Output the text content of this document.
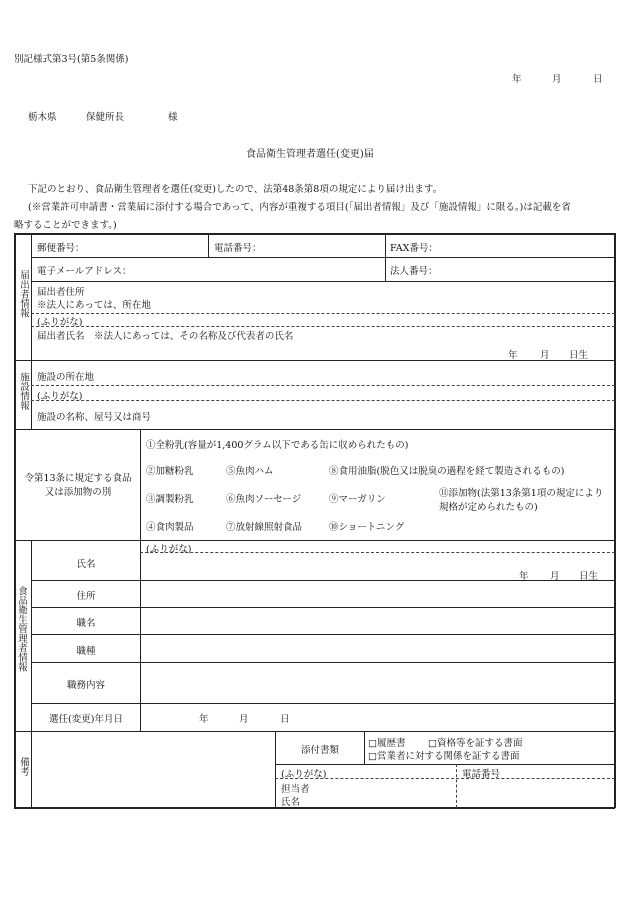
別記様式第3号(第5条関係)
年	月	日
栃木県	保健所長	様
食品衛生管理者選任(変更)届
下記のとおり、食品衛生管理者を選任(変更)したので、法第48条第8項の規定により届け出ます。
(※営業許可申請書・営業届に添付する場合であって、内容が重複する項目(「届出者情報」及び「施設情報」に限る。)は記載を省
略することができます。)
届出者情報
郵便番号：	電話番号：	FAX番号：
電子メールアドレス：	法人番号：
届出者住所
※法人にあっては、所在地
(ふりがな)
届出者氏名　※法人にあっては、その名称及び代表者の氏名
年 月 日生
施設情報 施設の所在地
(ふりがな)
施設の名称、屋号又は商号
令第13条に規定する食品
又は添加物の別
①全粉乳(容量が1,400グラム以下である缶に収められたもの)
②加糖粉乳	⑤魚肉ハム	⑧食用油脂(脱色又は脱臭の過程を経て製造されるもの)
③調製粉乳	⑥魚肉ソーセージ	⑨マーガリン
⑪添加物(法第13条第1項の規定により
規格が定められたもの)
④食肉製品	⑦放射線照射食品	⑩ショートニング
食品衛生管理者情報
(ふりがな)
氏名
年 月 日生
住所
職名
職種
職務内容
選任(変更)年月日	年	月	日
備考
添付書類
□履歴書 □資格等を証する書面
□営業者に対する関係を証する書面
(ふりがな)	電話番号
担当者
氏名
